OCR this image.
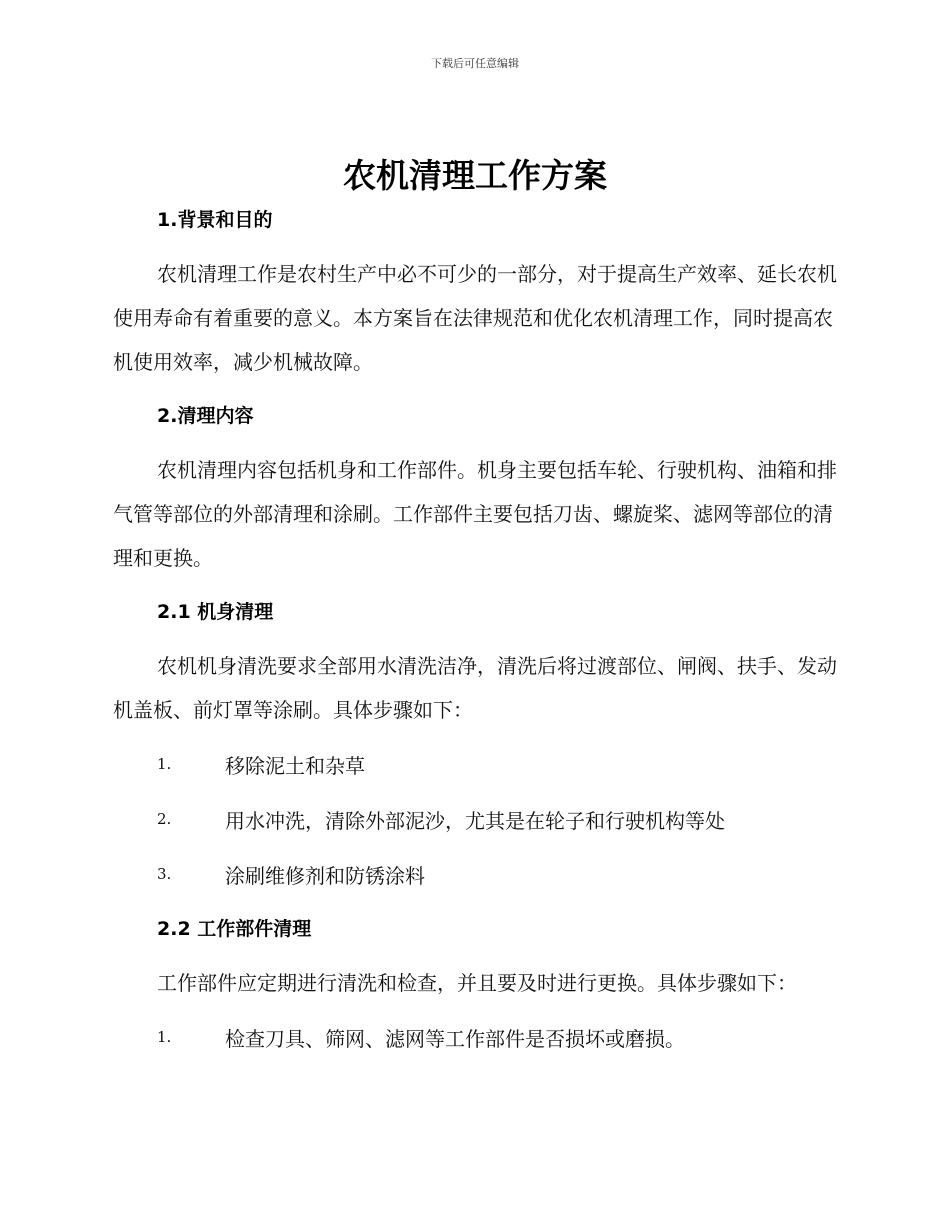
下载后可任意编辑
农机清理工作方案
1.背景和目的

农机清理工作是农村生产中必不可少的一部分，对于提高生产效率、延长农机使用寿命有着重要的意义。本方案旨在法律规范和优化农机清理工作，同时提高农机使用效率，减少机械故障。

2.清理内容

农机清理内容包括机身和工作部件。机身主要包括车轮、行驶机构、油箱和排气管等部位的外部清理和涂刷。工作部件主要包括刀齿、螺旋桨、滤网等部位的清理和更换。

2.1 机身清理

农机机身清洗要求全部用水清洗洁净，清洗后将过渡部位、闸阀、扶手、发动机盖板、前灯罩等涂刷。具体步骤如下：

1.	移除泥土和杂草
2.	用水冲洗，清除外部泥沙，尤其是在轮子和行驶机构等处
3.	涂刷维修剂和防锈涂料
2.2 工作部件清理

工作部件应定期进行清洗和检查，并且要及时进行更换。具体步骤如下：

1.	检查刀具、筛网、滤网等工作部件是否损坏或磨损。
